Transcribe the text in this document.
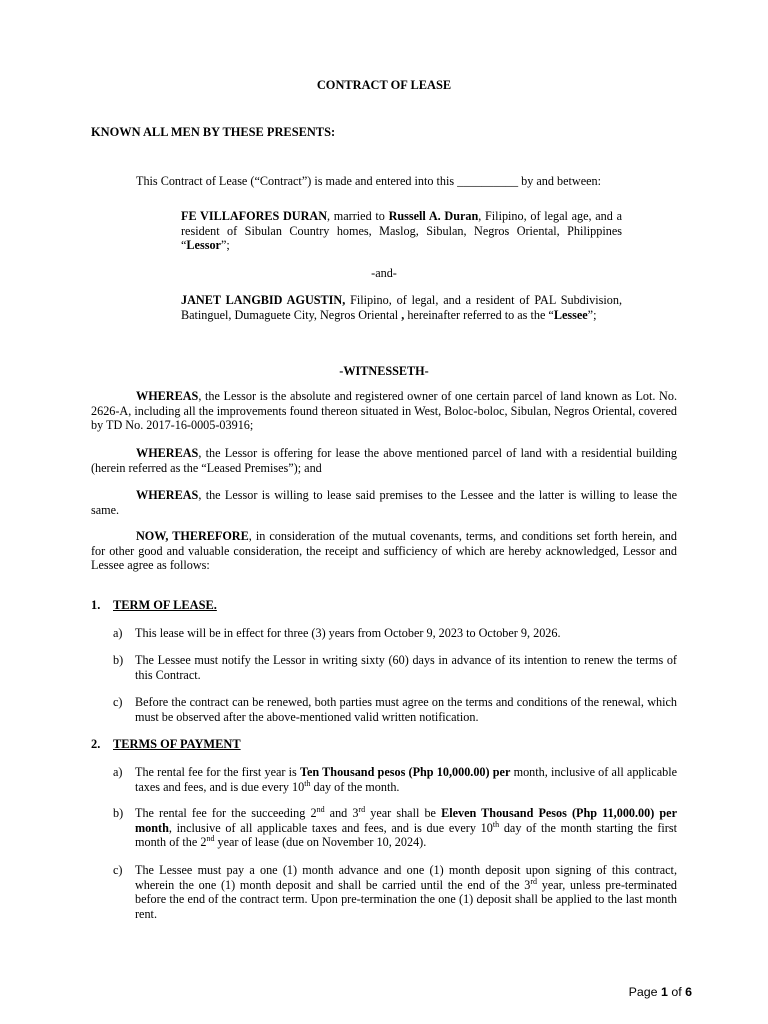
CONTRACT OF LEASE
KNOWN ALL MEN BY THESE PRESENTS:
This Contract of Lease (“Contract”) is made and entered into this __________ by and between:
FE VILLAFORES DURAN, married to Russell A. Duran, Filipino, of legal age, and a resident of Sibulan Country homes, Maslog, Sibulan, Negros Oriental, Philippines “Lessor”;
-and-
JANET LANGBID AGUSTIN, Filipino, of legal, and a resident of PAL Subdivision, Batinguel, Dumaguete City, Negros Oriental , hereinafter referred to as the “Lessee”;
-WITNESSETH-
WHEREAS, the Lessor is the absolute and registered owner of one certain parcel of land known as Lot. No. 2626-A, including all the improvements found thereon situated in West, Boloc-boloc, Sibulan, Negros Oriental, covered by TD No. 2017-16-0005-03916;
WHEREAS, the Lessor is offering for lease the above mentioned parcel of land with a residential building (herein referred as the “Leased Premises”); and
WHEREAS, the Lessor is willing to lease said premises to the Lessee and the latter is willing to lease the same.
NOW, THEREFORE, in consideration of the mutual covenants, terms, and conditions set forth herein, and for other good and valuable consideration, the receipt and sufficiency of which are hereby acknowledged, Lessor and Lessee agree as follows:
1. TERM OF LEASE.
a) This lease will be in effect for three (3) years from October 9, 2023 to October 9, 2026.
b) The Lessee must notify the Lessor in writing sixty (60) days in advance of its intention to renew the terms of this Contract.
c) Before the contract can be renewed, both parties must agree on the terms and conditions of the renewal, which must be observed after the above-mentioned valid written notification.
2. TERMS OF PAYMENT
a) The rental fee for the first year is Ten Thousand pesos (Php 10,000.00) per month, inclusive of all applicable taxes and fees, and is due every 10th day of the month.
b) The rental fee for the succeeding 2nd and 3rd year shall be Eleven Thousand Pesos (Php 11,000.00) per month, inclusive of all applicable taxes and fees, and is due every 10th day of the month starting the first month of the 2nd year of lease (due on November 10, 2024).
c) The Lessee must pay a one (1) month advance and one (1) month deposit upon signing of this contract, wherein the one (1) month deposit and shall be carried until the end of the 3rd year, unless pre-terminated before the end of the contract term. Upon pre-termination the one (1) deposit shall be applied to the last month rent.
Page 1 of 6
